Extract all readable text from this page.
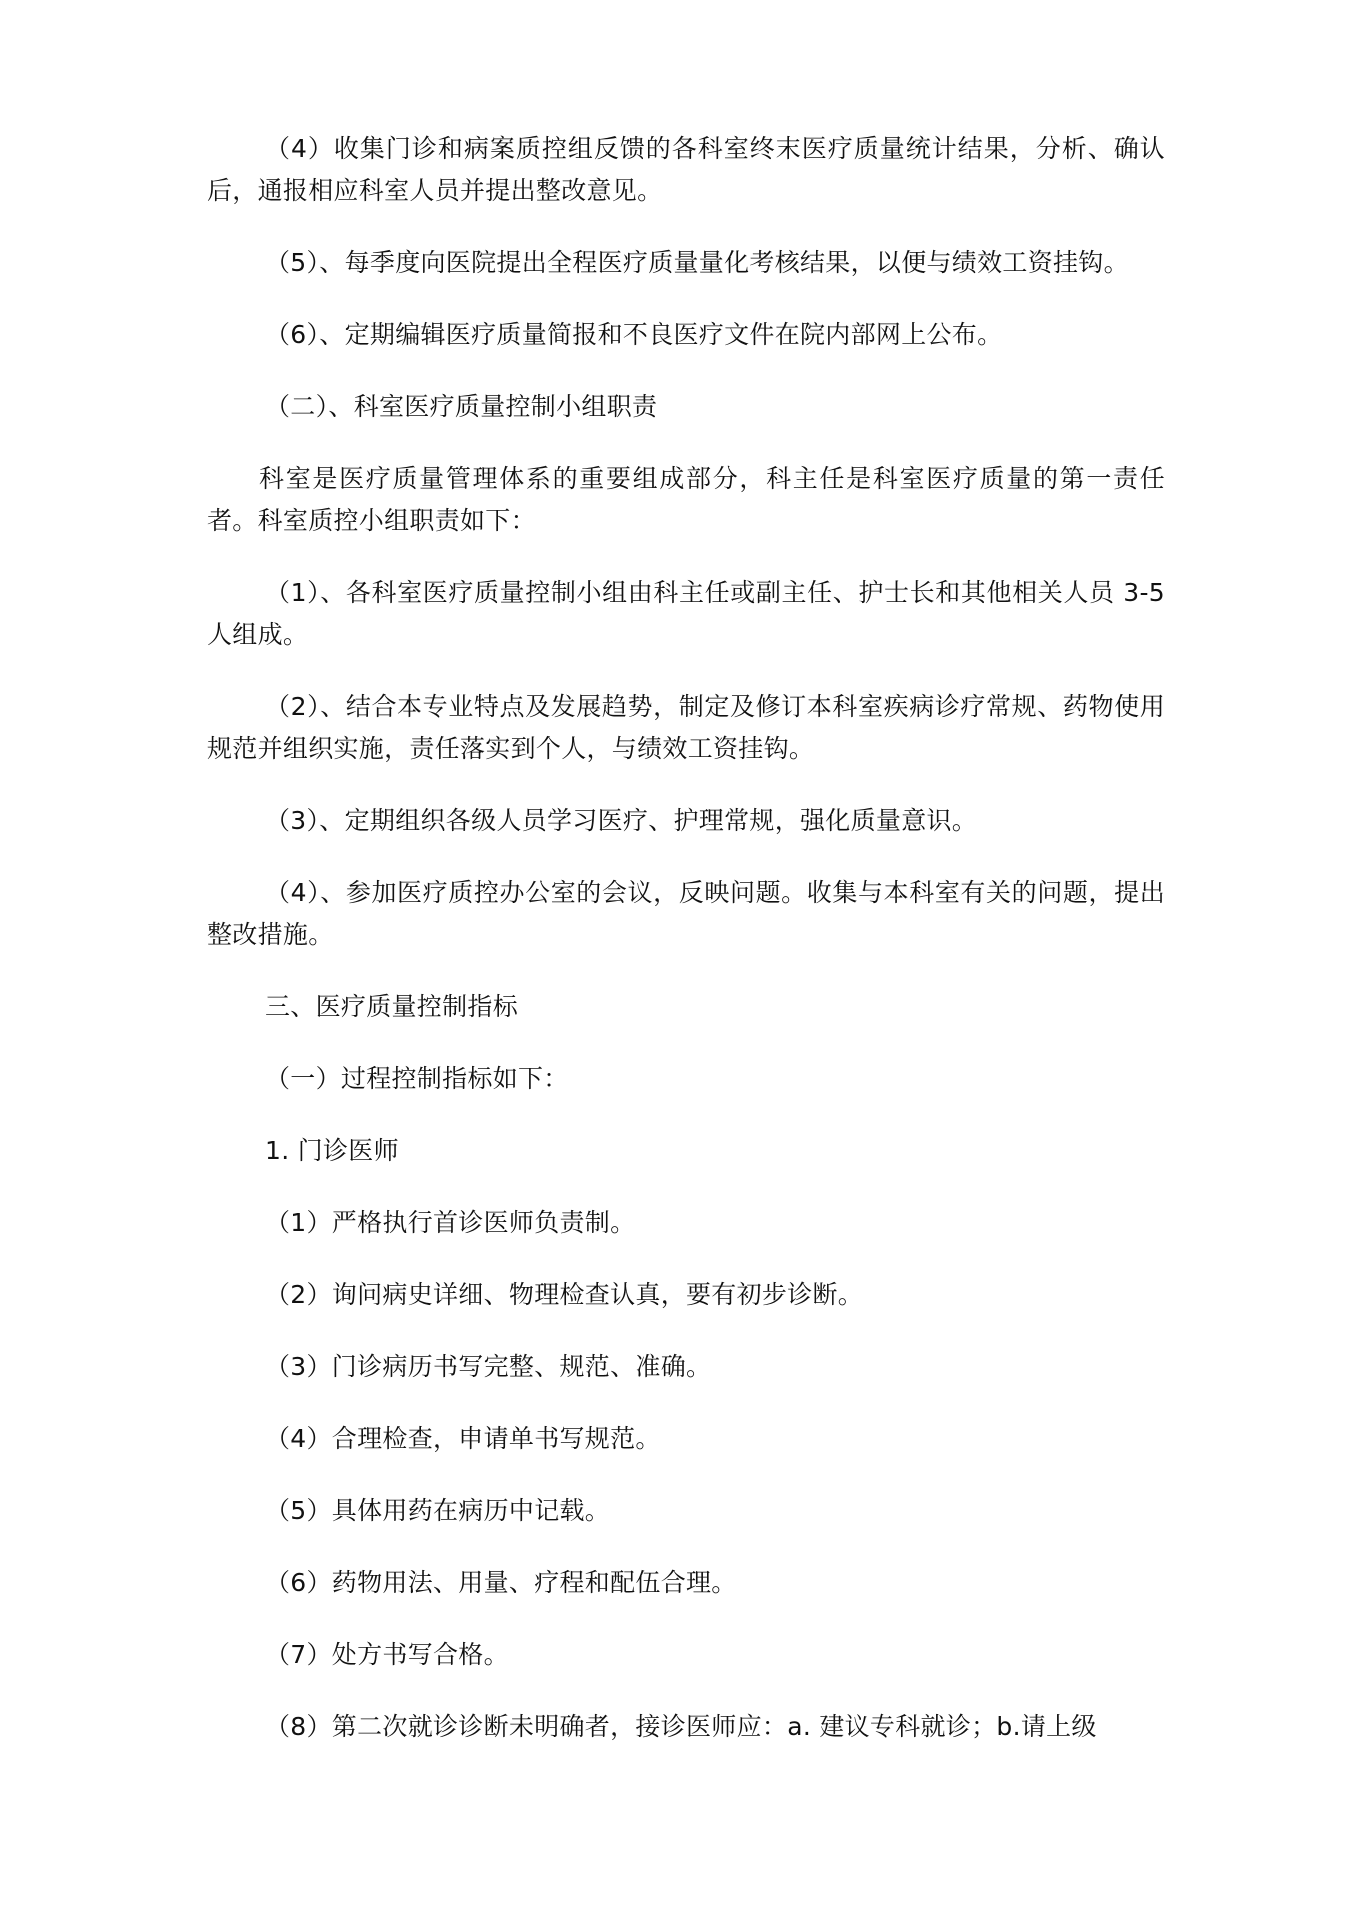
（4）收集门诊和病案质控组反馈的各科室终末医疗质量统计结果，分析、确认后，通报相应科室人员并提出整改意见。

（5）、每季度向医院提出全程医疗质量量化考核结果，以便与绩效工资挂钩。

（6）、定期编辑医疗质量简报和不良医疗文件在院内部网上公布。

（二）、科室医疗质量控制小组职责

科室是医疗质量管理体系的重要组成部分，科主任是科室医疗质量的第一责任者。科室质控小组职责如下：

（1）、各科室医疗质量控制小组由科主任或副主任、护士长和其他相关人员 3-5 人组成。

（2）、结合本专业特点及发展趋势，制定及修订本科室疾病诊疗常规、药物使用规范并组织实施，责任落实到个人，与绩效工资挂钩。

（3）、定期组织各级人员学习医疗、护理常规，强化质量意识。

（4）、参加医疗质控办公室的会议，反映问题。收集与本科室有关的问题，提出整改措施。

三、医疗质量控制指标

（一）过程控制指标如下：

1. 门诊医师

（1）严格执行首诊医师负责制。

（2）询问病史详细、物理检查认真，要有初步诊断。

（3）门诊病历书写完整、规范、准确。

（4）合理检查，申请单书写规范。

（5）具体用药在病历中记载。

（6）药物用法、用量、疗程和配伍合理。

（7）处方书写合格。

（8）第二次就诊诊断未明确者，接诊医师应：a. 建议专科就诊；b.请上级
